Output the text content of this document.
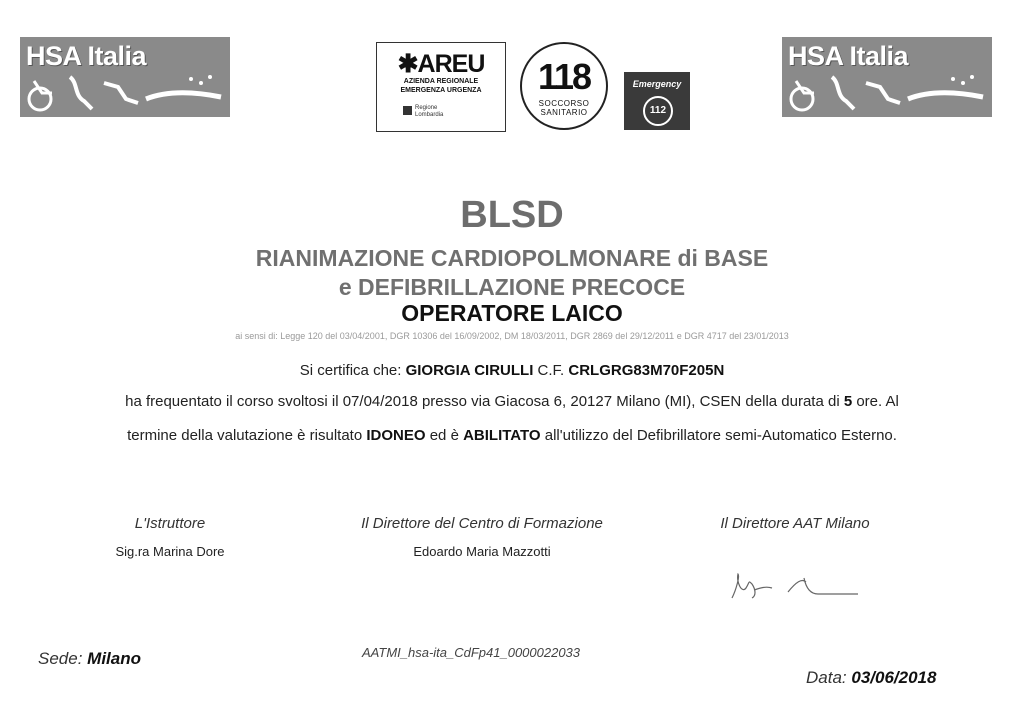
HSA Italia	HSA Italia
✱AREU
AZIENDA REGIONALE
EMERGENZA URGENZA
Regione
Lombardia
118
SOCCORSO
SANITARIO
Emergency
112
BLSD
RIANIMAZIONE CARDIOPOLMONARE di BASE
e DEFIBRILLAZIONE PRECOCE
OPERATORE LAICO
ai sensi di: Legge 120 del 03/04/2001, DGR 10306 del 16/09/2002, DM 18/03/2011, DGR 2869 del 29/12/2011 e DGR 4717 del 23/01/2013
Si certifica che: GIORGIA CIRULLI C.F. CRLGRG83M70F205N
ha frequentato il corso svoltosi il 07/04/2018 presso via Giacosa 6, 20127 Milano (MI), CSEN della durata di 5 ore. Al
termine della valutazione è risultato IDONEO ed è ABILITATO all'utilizzo del Defibrillatore semi-Automatico Esterno.
L'Istruttore
Sig.ra Marina Dore
Il Direttore del Centro di Formazione
Edoardo Maria Mazzotti
Il Direttore AAT Milano
Sede: Milano	AATMI_hsa-ita_CdFp41_0000022033
Data: 03/06/2018
